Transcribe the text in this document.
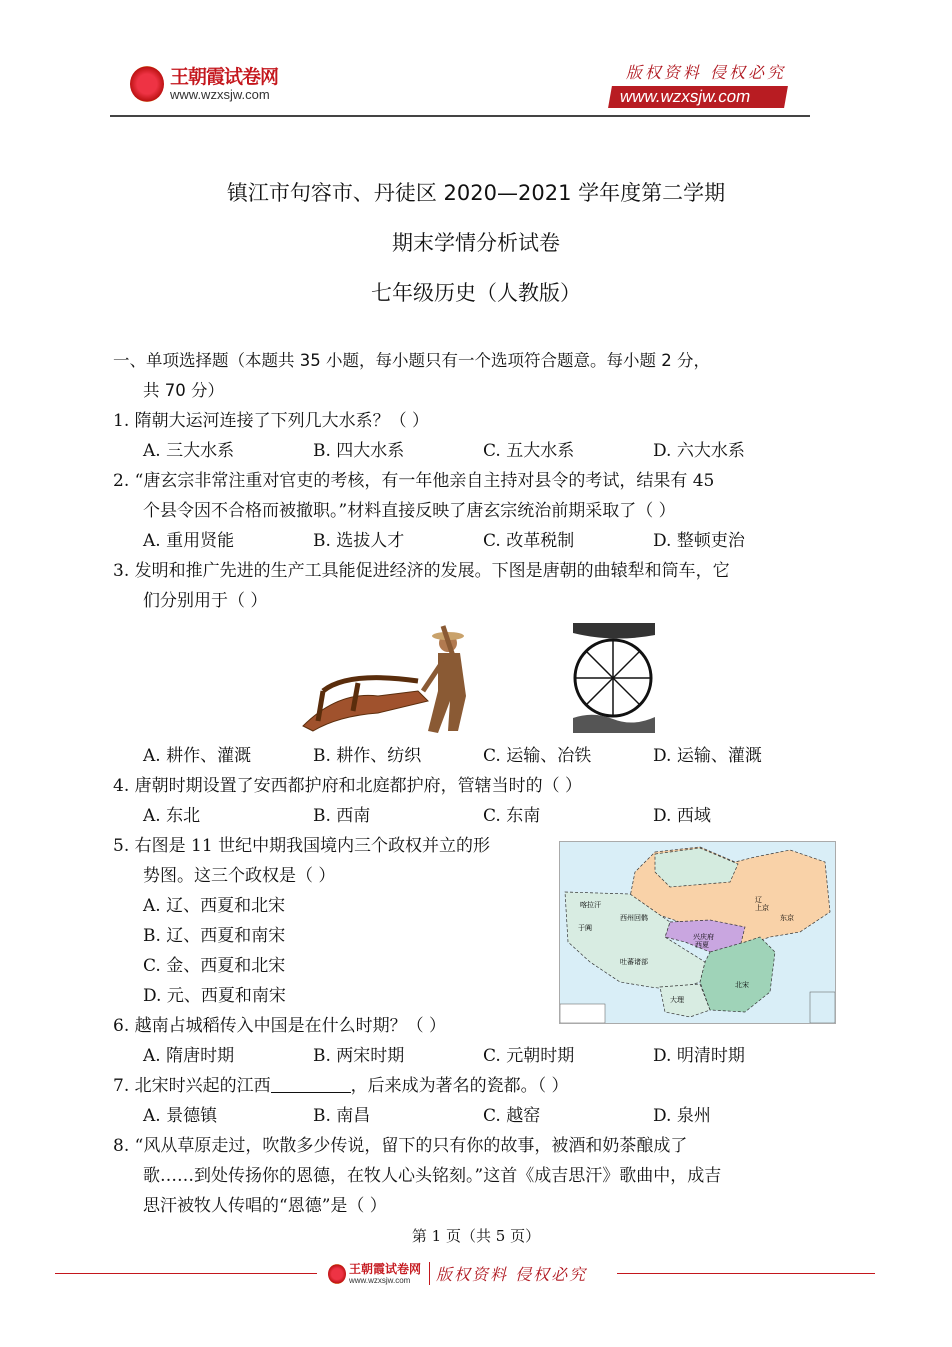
王朝霞试卷网
www.wzxsjw.com
版权资料 侵权必究
www.wzxsjw.com
镇江市句容市、丹徒区 2020—2021 学年度第二学期
期末学情分析试卷
七年级历史（人教版）
一、单项选择题（本题共 35 小题，每小题只有一个选项符合题意。每小题 2 分，
共 70 分）
1. 隋朝大运河连接了下列几大水系？（ ）
A. 三大水系	B. 四大水系	C. 五大水系	D. 六大水系
2. “唐玄宗非常注重对官吏的考核，有一年他亲自主持对县令的考试，结果有 45
个县令因不合格而被撤职。”材料直接反映了唐玄宗统治前期采取了（ ）
A. 重用贤能	B. 选拔人才	C. 改革税制	D. 整顿吏治
3. 发明和推广先进的生产工具能促进经济的发展。下图是唐朝的曲辕犁和筒车，它
们分别用于（ ）
A. 耕作、灌溉	B. 耕作、纺织	C. 运输、冶铁	D. 运输、灌溉
4. 唐朝时期设置了安西都护府和北庭都护府，管辖当时的（ ）
A. 东北	B. 西南	C. 东南	D. 西域
5. 右图是 11 世纪中期我国境内三个政权并立的形
势图。这三个政权是（ ）
A. 辽、西夏和北宋
B. 辽、西夏和南宋
C. 金、西夏和北宋
D. 元、西夏和南宋
6. 越南占城稻传入中国是在什么时期？（ ）
A. 隋唐时期	B. 两宋时期	C. 元朝时期	D. 明清时期
7. 北宋时兴起的江西	，后来成为著名的瓷都。（ ）
A. 景德镇	B. 南昌	C. 越窑	D. 泉州
8. “风从草原走过，吹散多少传说，留下的只有你的故事，被酒和奶茶酿成了
歌……到处传扬你的恩德，在牧人心头铭刻。”这首《成吉思汗》歌曲中，成吉
思汗被牧人传唱的“恩德”是（ ）
辽
西夏
北宋
兴庆府
大理
吐蕃诸部
西州回鹘
喀拉汗
于阗
上京
东京
第 1 页（共 5 页）
王朝霞试卷网
www.wzxsjw.com	版权资料 侵权必究
